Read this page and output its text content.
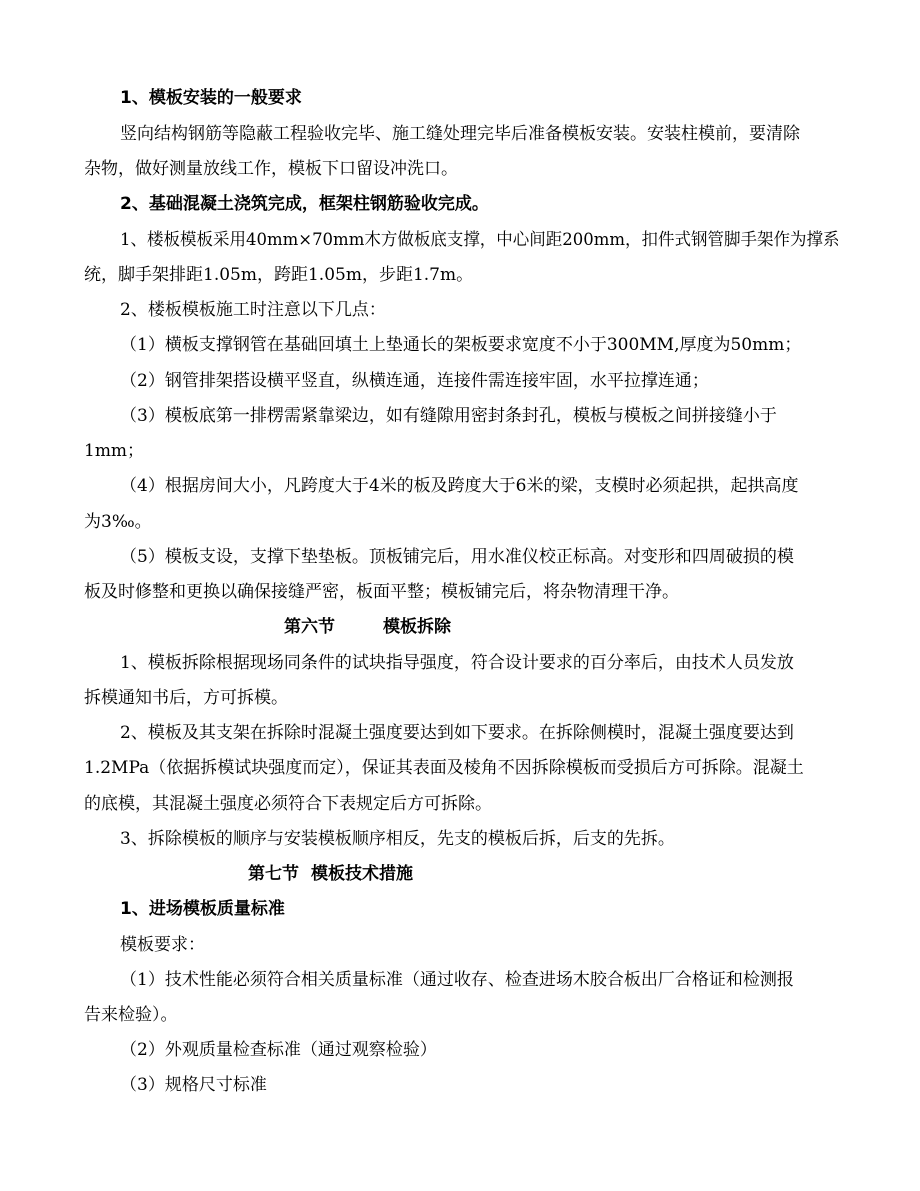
1、模板安装的一般要求
竖向结构钢筋等隐蔽工程验收完毕、施工缝处理完毕后准备模板安装。安装柱模前，要清除
杂物，做好测量放线工作，模板下口留设冲洗口。
2、基础混凝土浇筑完成，框架柱钢筋验收完成。
1、楼板模板采用40mm×70mm木方做板底支撑，中心间距200mm，扣件式钢管脚手架作为撑系
统，脚手架排距1.05m，跨距1.05m，步距1.7m。
2、楼板模板施工时注意以下几点：
（1）横板支撑钢管在基础回填土上垫通长的架板要求宽度不小于300MM,厚度为50mm；
（2）钢管排架搭设横平竖直，纵横连通，连接件需连接牢固，水平拉撑连通；
（3）模板底第一排楞需紧靠梁边，如有缝隙用密封条封孔，模板与模板之间拼接缝小于
1mm；
（4）根据房间大小，凡跨度大于4米的板及跨度大于6米的梁，支模时必须起拱，起拱高度
为3‰。
（5）模板支设，支撑下垫垫板。顶板铺完后，用水准仪校正标高。对变形和四周破损的模
板及时修整和更换以确保接缝严密，板面平整；模板铺完后，将杂物清理干净。
第六节	模板拆除
1、模板拆除根据现场同条件的试块指导强度，符合设计要求的百分率后，由技术人员发放
拆模通知书后，方可拆模。
2、模板及其支架在拆除时混凝土强度要达到如下要求。在拆除侧模时，混凝土强度要达到
1.2MPa（依据拆模试块强度而定），保证其表面及棱角不因拆除模板而受损后方可拆除。混凝土
的底模，其混凝土强度必须符合下表规定后方可拆除。
3、拆除模板的顺序与安装模板顺序相反，先支的模板后拆，后支的先拆。
第七节 模板技术措施
1、进场模板质量标准
模板要求：
（1）技术性能必须符合相关质量标准（通过收存、检查进场木胶合板出厂合格证和检测报
告来检验）。
（2）外观质量检查标准（通过观察检验）
（3）规格尺寸标准
